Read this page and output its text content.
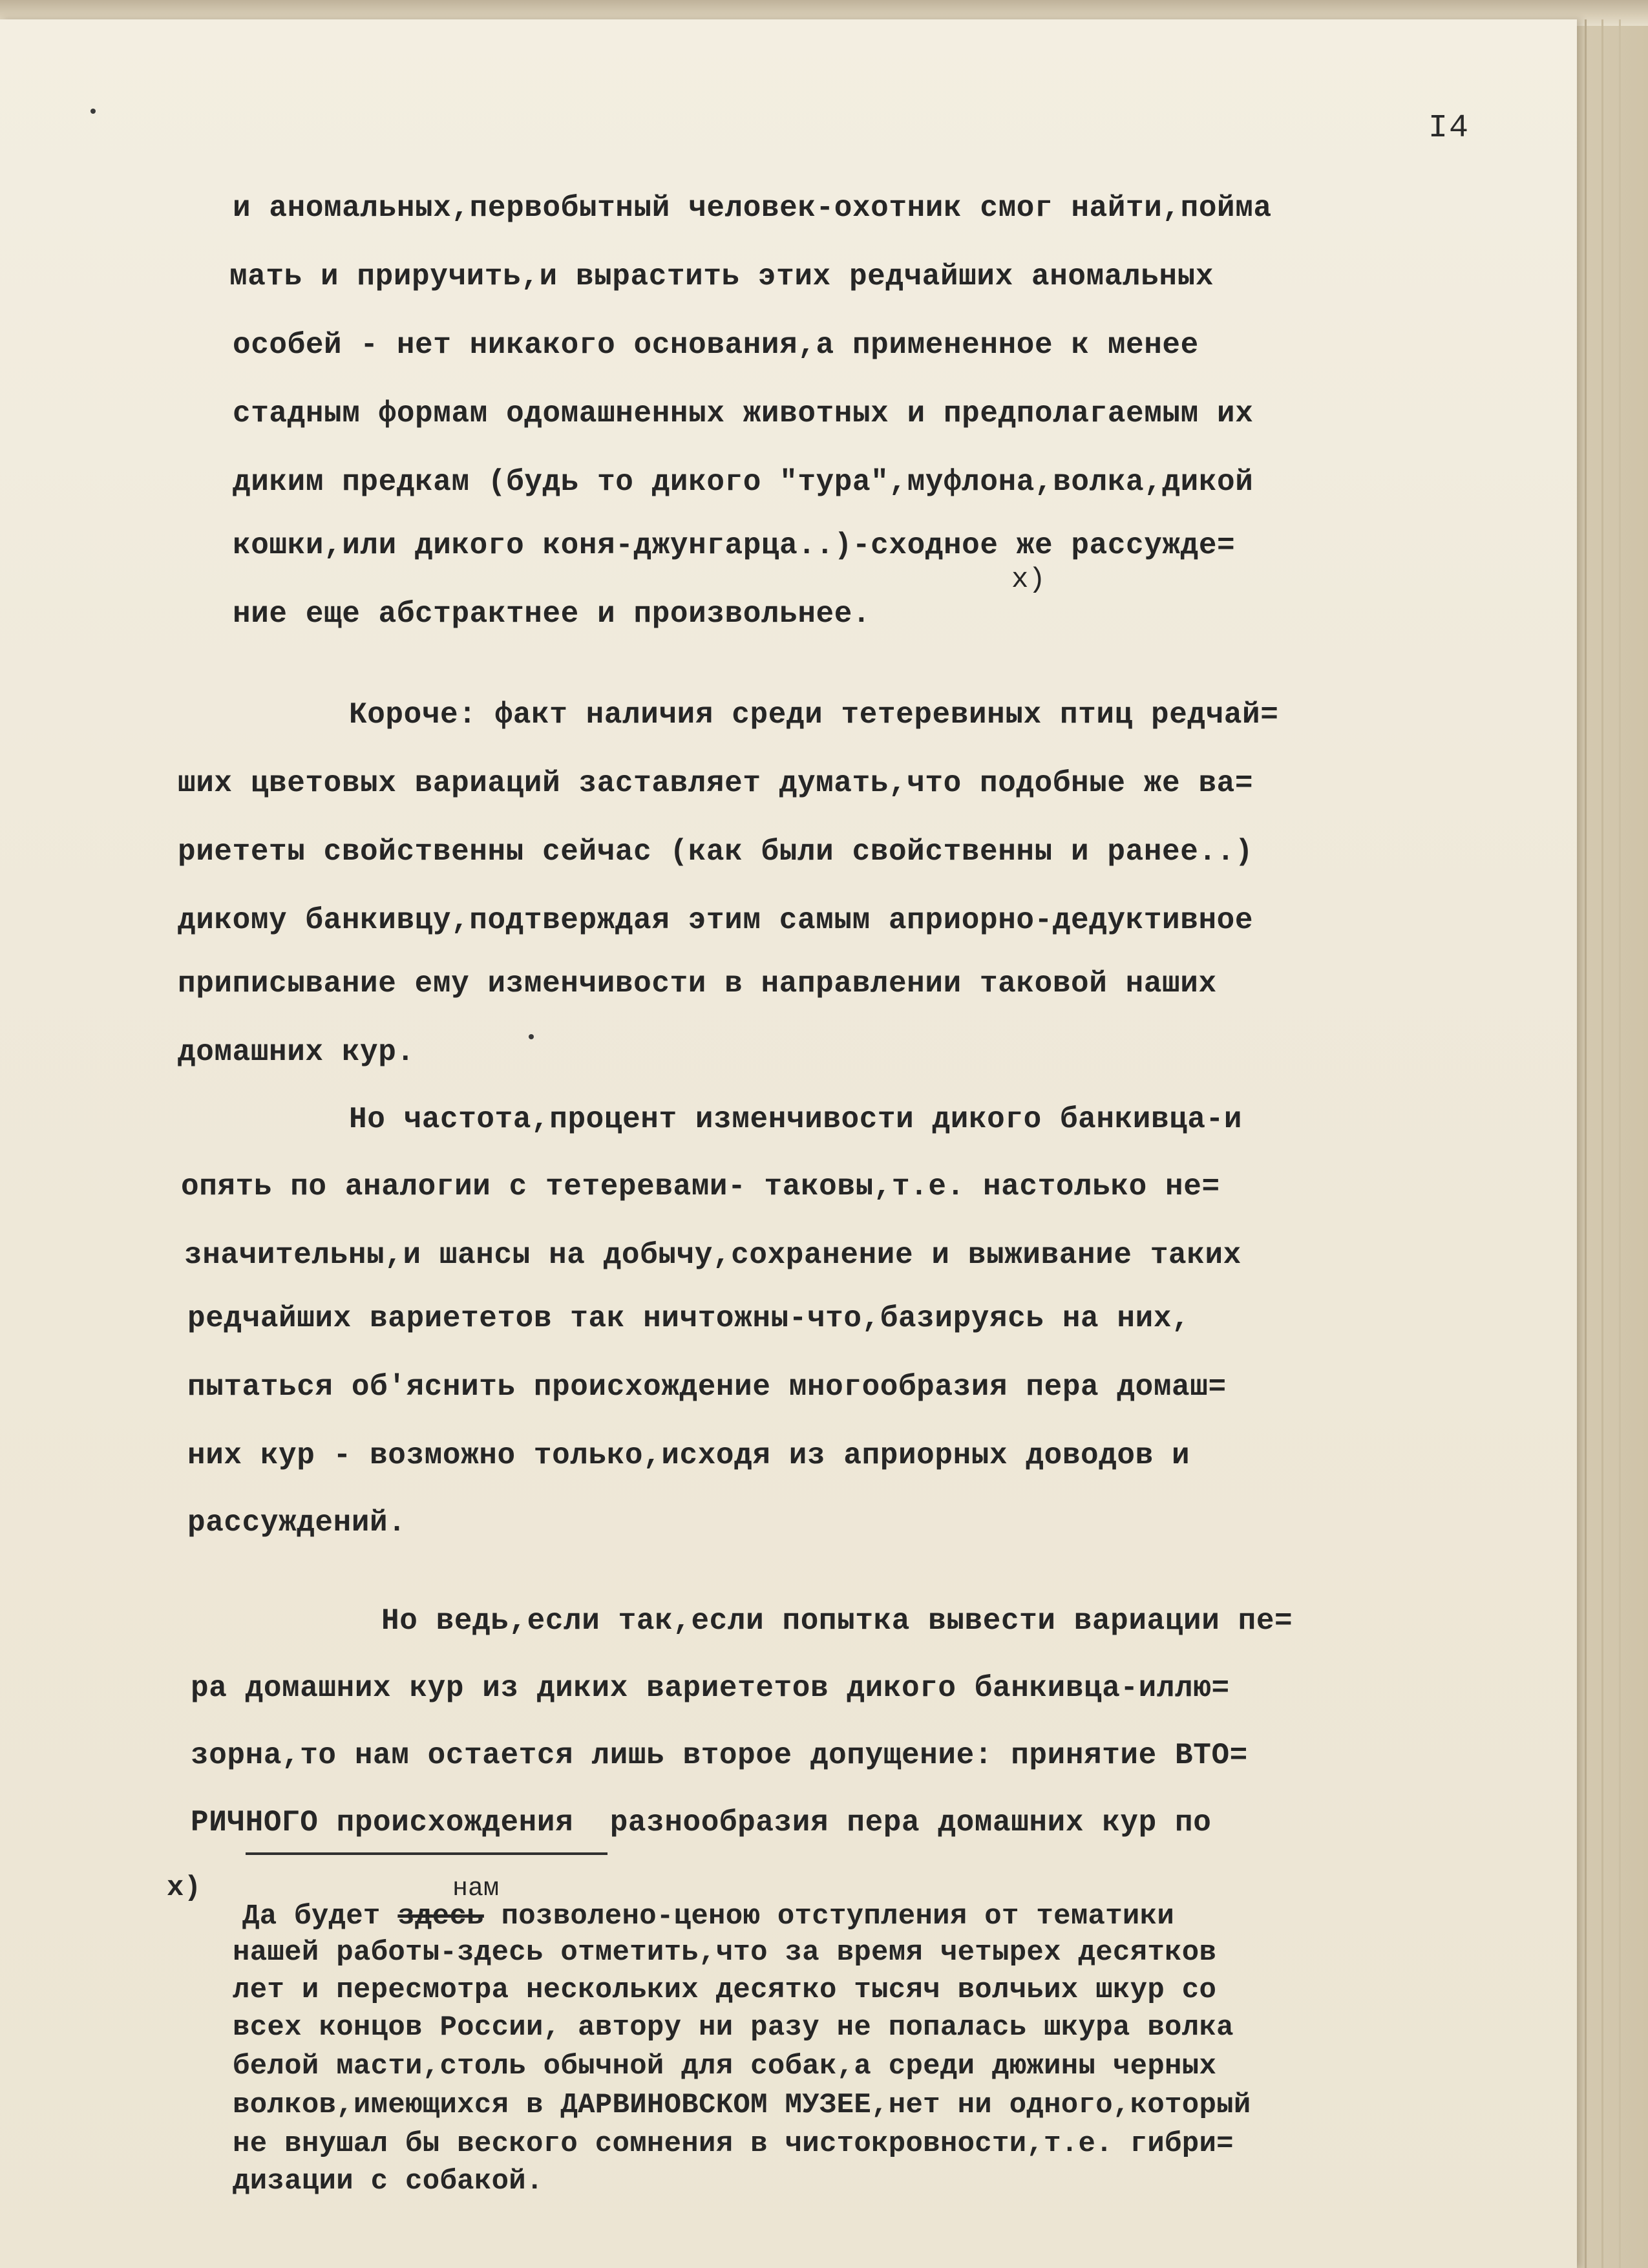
I4
и аномальных,первобытный человек-охотник смог найти,пойма
мать и приручить,и вырастить этих редчайших аномальных
особей - нет никакого основания,а примененное к менее
стадным формам одомашненных животных и предполагаемым их
диким предкам (будь то дикого "тура",муфлона,волка,дикой
кошки,или дикого коня-джунгарца..)-сходное же рассужде=
x)
ние еще абстрактнее и произвольнее.
Короче: факт наличия среди тетеревиных птиц редчай=
ших цветовых вариаций заставляет думать,что подобные же ва=
риететы свойственны сейчас (как были свойственны и ранее..)
дикому банкивцу,подтверждая этим самым априорно-дедуктивное
приписывание ему изменчивости в направлении таковой наших
домашних кур.
Но частота,процент изменчивости дикого банкивца-и
опять по аналогии с тетеревами- таковы,т.е. настолько не=
значительны,и шансы на добычу,сохранение и выживание таких
редчайших вариететов так ничтожны-что,базируясь на них,
пытаться об'яснить происхождение многообразия пера домаш=
них кур - возможно только,исходя из априорных доводов и
рассуждений.
Но ведь,если так,если попытка вывести вариации пе=
ра домашних кур из диких вариететов дикого банкивца-иллю=
зорна,то нам остается лишь второе допущение: принятие ВТО=
РИЧНОГО происхождения  разнообразия пера домашних кур по
x)	нам
Да будет здесь позволено-ценою отступления от тематики
нашей работы-здесь отметить,что за время четырех десятков
лет и пересмотра нескольких десятко тысяч волчьих шкур со
всех концов России, автору ни разу не попалась шкура волка
белой масти,столь обычной для собак,а среди дюжины черных
волков,имеющихся в ДАРВИНОВСКОМ МУЗЕЕ,нет ни одного,который
не внушал бы веского сомнения в чистокровности,т.е. гибри=
дизации с собакой.
